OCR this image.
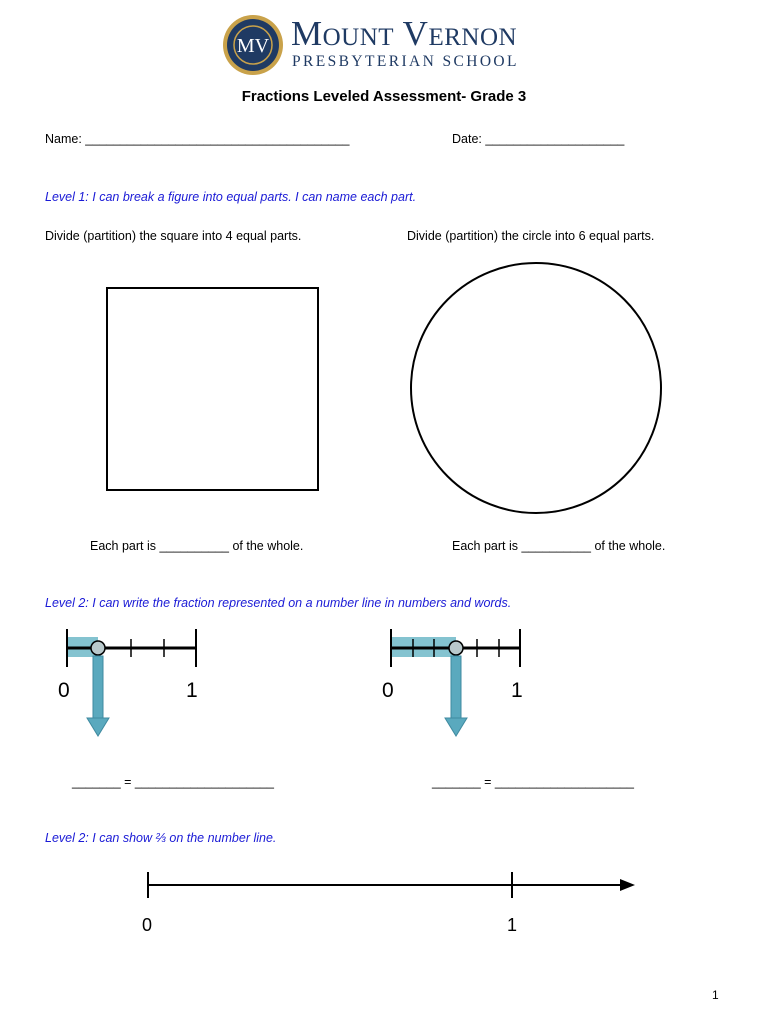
MV Mount Vernon
PRESBYTERIAN SCHOOL
Fractions Leveled Assessment- Grade 3
Name: ______________________________________	Date: ____________________
Level 1: I can break a figure into equal parts. I can name each part.
Divide (partition) the square into 4 equal parts.	Divide (partition) the circle into 6 equal parts.
Each part is __________ of the whole.	Each part is __________ of the whole.
Level 2: I can write the fraction represented on a number line in numbers and words.
0	1	0	1
_______ = ____________________	_______ = ____________________
Level 2: I can show ⅔ on the number line.
0	1
1
